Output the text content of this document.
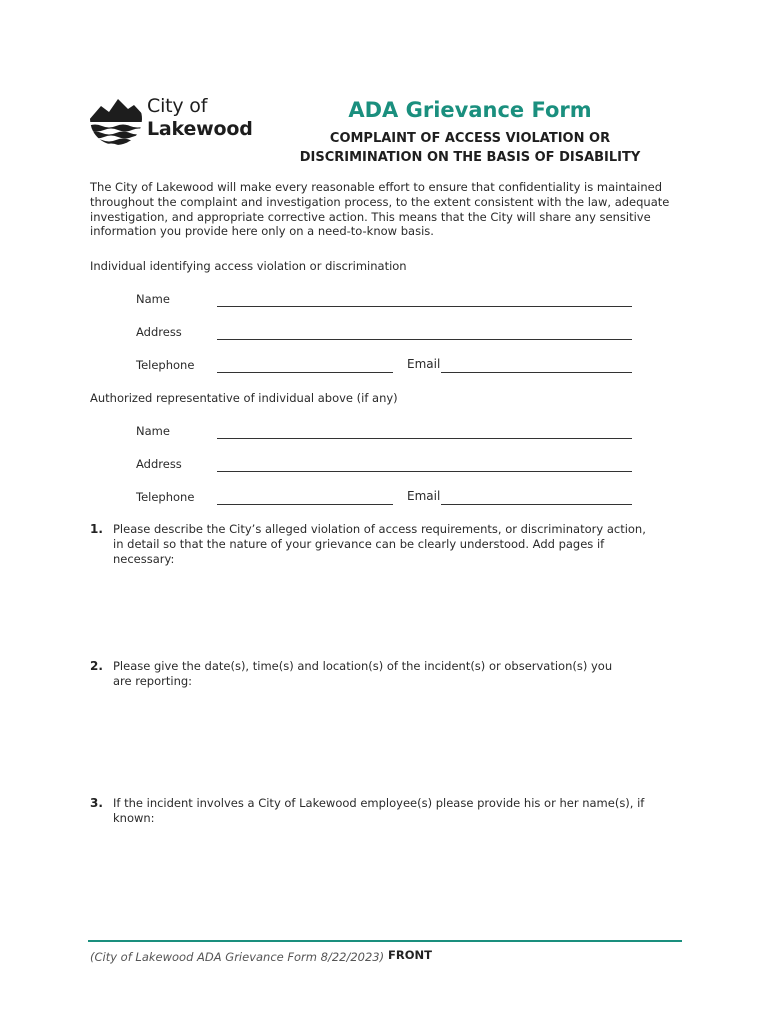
City of
Lakewood
ADA Grievance Form
COMPLAINT OF ACCESS VIOLATION OR
DISCRIMINATION ON THE BASIS OF DISABILITY
The City of Lakewood will make every reasonable effort to ensure that confidentiality is maintained throughout the complaint and investigation process, to the extent consistent with the law, adequate investigation, and appropriate corrective action. This means that the City will share any sensitive information you provide here only on a need-to-know basis.
Individual identifying access violation or discrimination
Name
Address
Telephone	Email
Authorized representative of individual above (if any)
Name
Address
Telephone	Email
1. Please describe the City’s alleged violation of access requirements, or discriminatory action, in detail so that the nature of your grievance can be clearly understood. Add pages if necessary:
2. Please give the date(s), time(s) and location(s) of the incident(s) or observation(s) you are reporting:
3. If the incident involves a City of Lakewood employee(s) please provide his or her name(s), if known:
(City of Lakewood ADA Grievance Form 8/22/2023) FRONT
